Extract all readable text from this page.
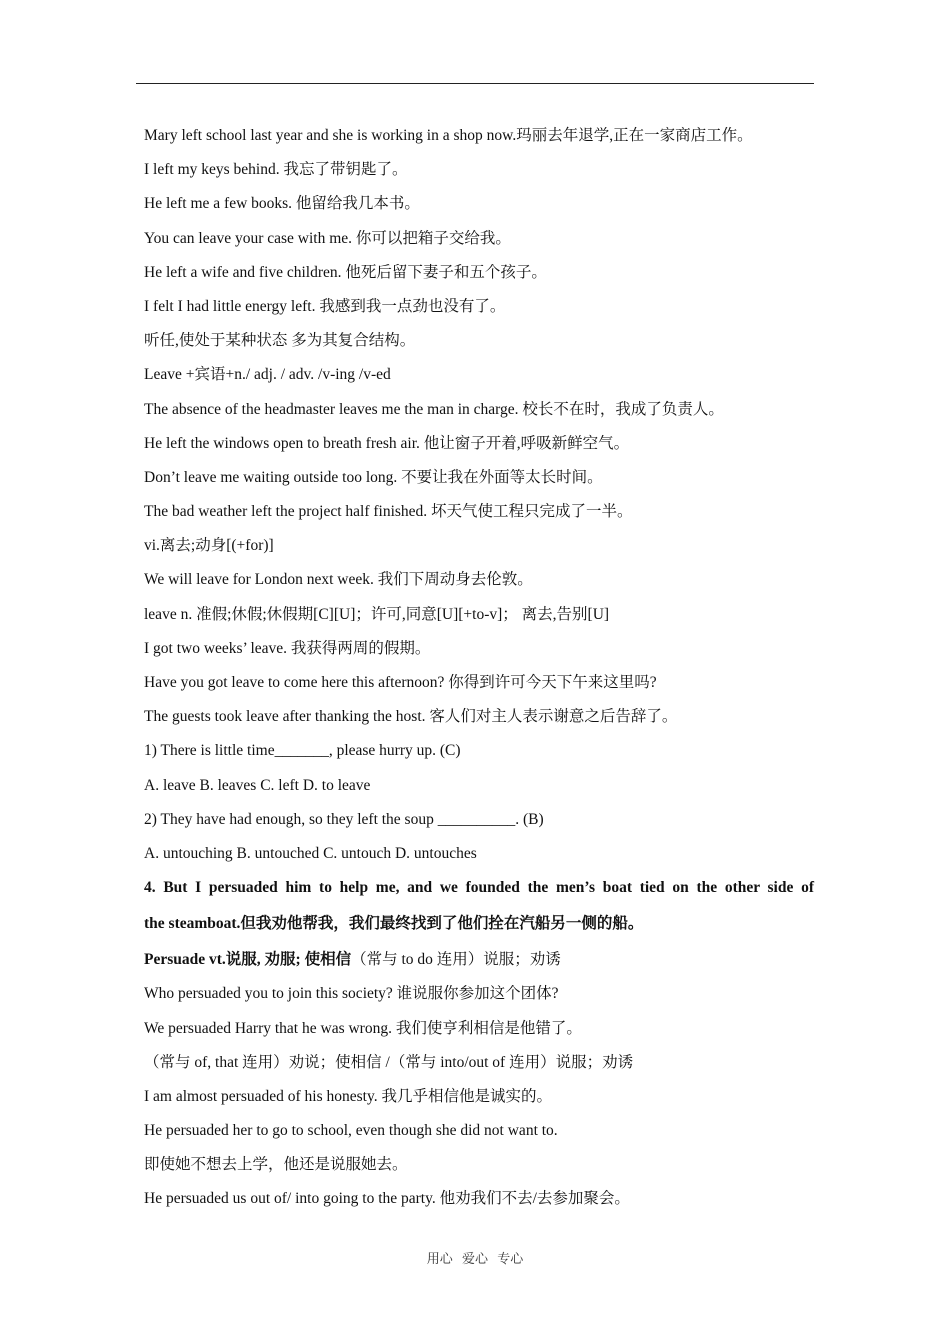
Mary left school last year and she is working in a shop now.玛丽去年退学,正在一家商店工作。
I left my keys behind. 我忘了带钥匙了。
He left me a few books. 他留给我几本书。
You can leave your case with me. 你可以把箱子交给我。
He left a wife and five children. 他死后留下妻子和五个孩子。
I felt I had little energy left. 我感到我一点劲也没有了。
听任,使处于某种状态 多为其复合结构。
Leave +宾语+n./ adj. / adv. /v-ing /v-ed
The absence of the headmaster leaves me the man in charge. 校长不在时，我成了负责人。
He left the windows open to breath fresh air. 他让窗子开着,呼吸新鲜空气。
Don’t leave me waiting outside too long. 不要让我在外面等太长时间。
The bad weather left the project half finished. 坏天气使工程只完成了一半。
vi.离去;动身[(+for)]
We will leave for London next week. 我们下周动身去伦敦。
leave n. 准假;休假;休假期[C][U]；许可,同意[U][+to-v]； 离去,告别[U]
I got two weeks’ leave. 我获得两周的假期。
Have you got leave to come here this afternoon? 你得到许可今天下午来这里吗?
The guests took leave after thanking the host. 客人们对主人表示谢意之后告辞了。
1) There is little time_______, please hurry up. (C)
A. leave B. leaves C. left D. to leave
2) They have had enough, so they left the soup __________. (B)
A. untouching B. untouched C. untouch D. untouches
4. But I persuaded him to help me, and we founded the men’s boat tied on the other side of
the steamboat.但我劝他帮我，我们最终找到了他们拴在汽船另一侧的船。
Persuade vt.说服, 劝服; 使相信（常与 to do 连用）说服；劝诱
Who persuaded you to join this society? 谁说服你参加这个团体?
We persuaded Harry that he was wrong. 我们使亨利相信是他错了。
（常与 of, that 连用）劝说；使相信 /（常与 into/out of 连用）说服；劝诱
I am almost persuaded of his honesty. 我几乎相信他是诚实的。
He persuaded her to go to school, even though she did not want to.
即使她不想去上学，他还是说服她去。
He persuaded us out of/ into going to the party. 他劝我们不去/去参加聚会。
用心 爱心 专心
